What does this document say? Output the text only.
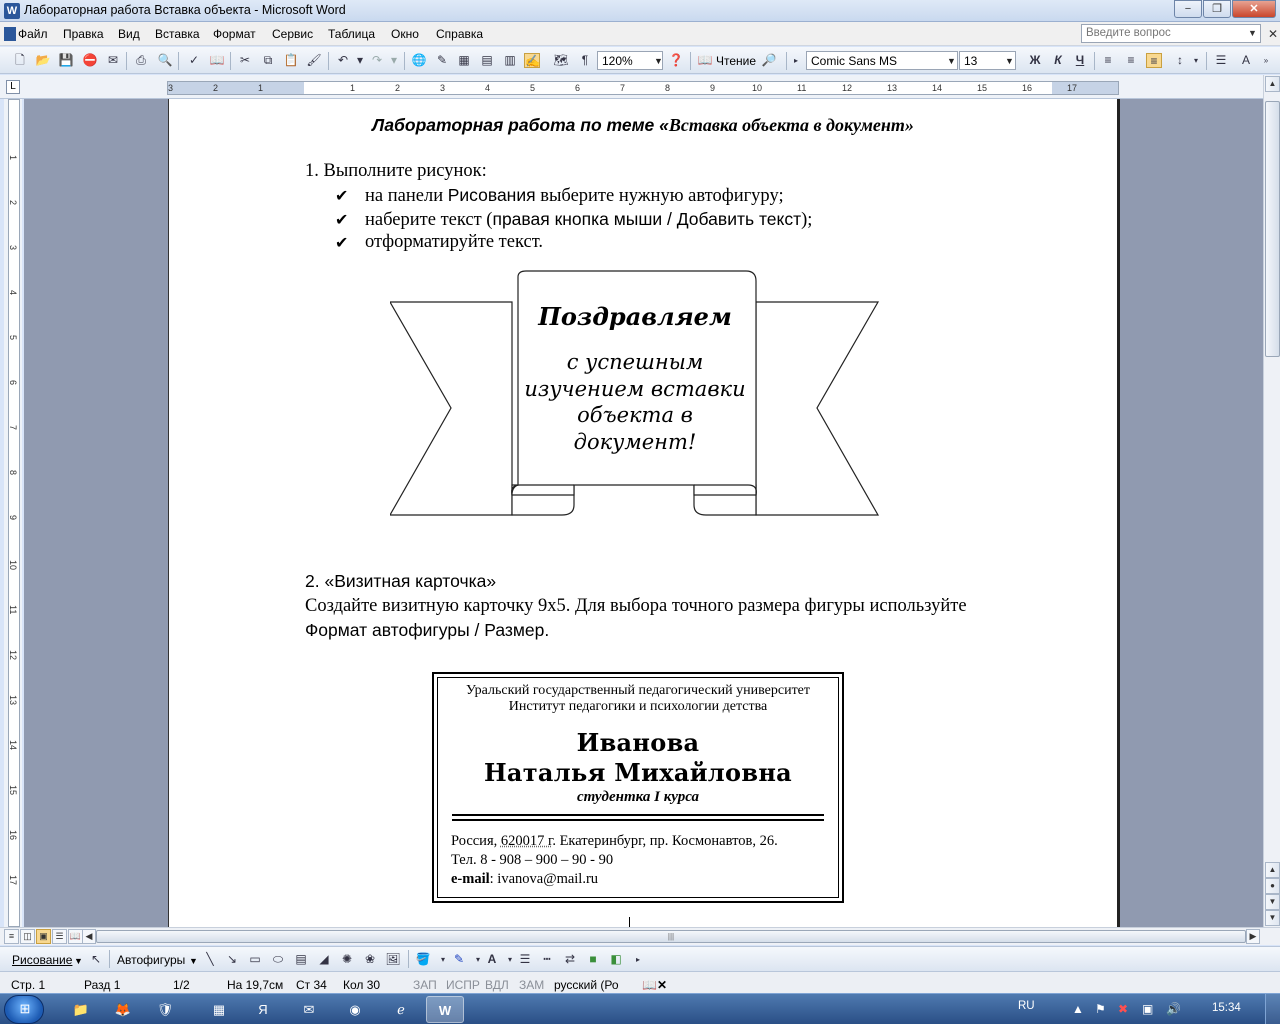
W Лабораторная работа Вставка объекта - Microsoft Word	−	❐	✕
Файл Правка Вид Вставка Формат Сервис Таблица Окно Справка	Введите вопрос	▼ ✕
🗋 📂 💾 ⛔ ✉ ⎙ 🔍 ✓ 📖 ✂	⧉ 📋 🖌 ↶ ▾ ↷ ▾	🌐 ✎ ▦ ▤ ▥ ✍ 🗺	¶	120%	▼ ❓ 📖 Чтение 🔎	▸	Comic Sans MS	▼ 13	▼ Ж	К	Ч	≡	≡	≡	↕	▾	☰	A	»
L	3	2	1	1	2	3	4	5	6	7	8	9	10	11	12	13	14	15	16	17
1
2
3
4
5
6
7
8
9
10
11
12
13
14
15
16
17
Лабораторная работа по теме «Вставка объекта в документ»
1. Выполните рисунок:
✔ на панели Рисования выберите нужную автофигуру;
✔ наберите текст (правая кнопка мыши / Добавить текст);
✔ отформатируйте текст.
Поздравляем
с успешным
изучением вставки
объекта в
документ!
2. «Визитная карточка»
Создайте визитную карточку 9х5. Для выбора точного размера фигуры используйте
Формат автофигуры / Размер.
Уральский государственный педагогический университет
Институт педагогики и психологии детства
Иванова
Наталья Михайловна
студентка I курса
Россия, 620017 г. Екатеринбург, пр. Космонавтов, 26.
Тел. 8 - 908 – 900 – 90 - 90
e-mail: ivanova@mail.ru
▲
▲
●
▼
▼
≡	◫ ▣ ☰ 📖 ◀	|||	▶
Рисование ▼ ↖ Автофигуры ▼ ╲	↘ ▭ ⬭ ▤ ◢ ✺ ❀ 🖼 🪣	▾ ✎	▾ A	▾ ☰	┅	⇄	■	◧	▸
Стр. 1	Разд 1	1/2	На 19,7см Ст 34 Кол 30	ЗАП ИСПР ВДЛ ЗАМ русский (Ро 📖✕
⊞	📁	🦊	🛡	▦	Я	✉	◉	ℯ	W	RU	▲ ⚑ ✖ ▣ 🔊	15:34
